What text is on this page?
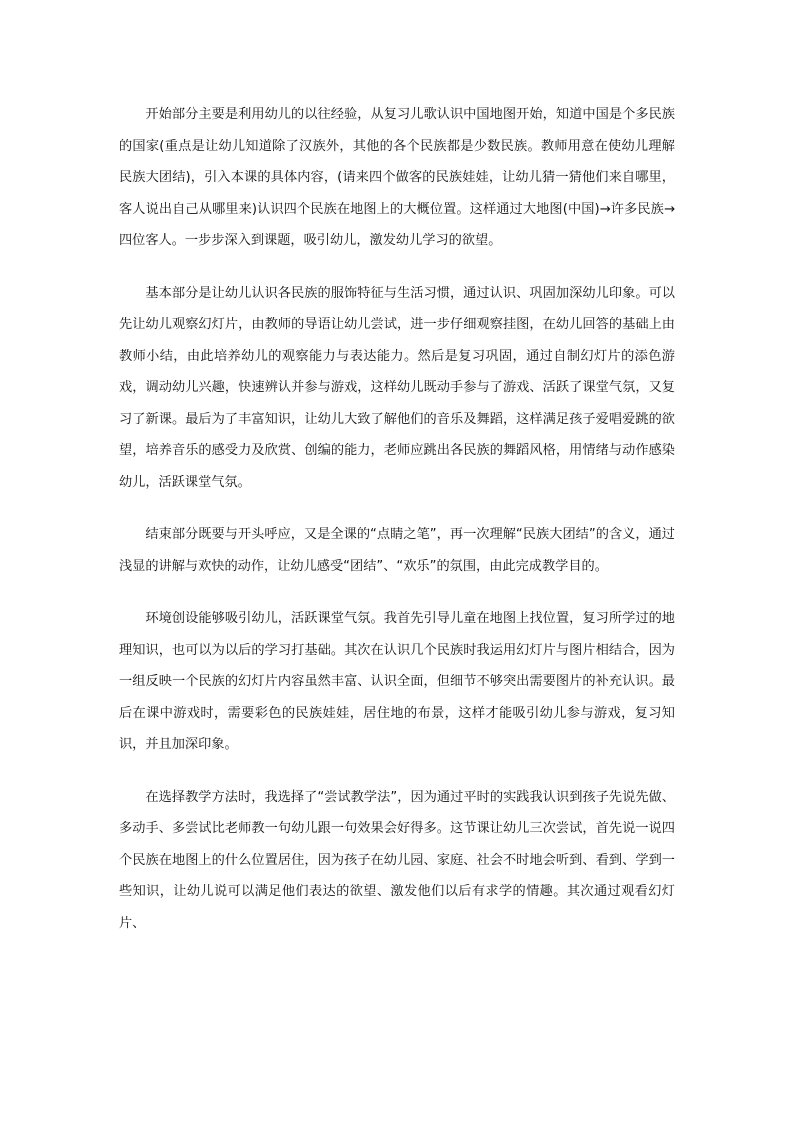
开始部分主要是利用幼儿的以往经验，从复习儿歌认识中国地图开始，知道中国是个多民族的国家(重点是让幼儿知道除了汉族外，其他的各个民族都是少数民族。教师用意在使幼儿理解民族大团结)，引入本课的具体内容，(请来四个做客的民族娃娃，让幼儿猜一猜他们来自哪里，客人说出自己从哪里来)认识四个民族在地图上的大概位置。这样通过大地图(中国)→许多民族→四位客人。一步步深入到课题，吸引幼儿，激发幼儿学习的欲望。

基本部分是让幼儿认识各民族的服饰特征与生活习惯，通过认识、巩固加深幼儿印象。可以先让幼儿观察幻灯片，由教师的导语让幼儿尝试，进一步仔细观察挂图，在幼儿回答的基础上由教师小结，由此培养幼儿的观察能力与表达能力。然后是复习巩固，通过自制幻灯片的添色游戏，调动幼儿兴趣，快速辨认并参与游戏，这样幼儿既动手参与了游戏、活跃了课堂气氛，又复习了新课。最后为了丰富知识，让幼儿大致了解他们的音乐及舞蹈，这样满足孩子爱唱爱跳的欲望，培养音乐的感受力及欣赏、创编的能力，老师应跳出各民族的舞蹈风格，用情绪与动作感染幼儿，活跃课堂气氛。

结束部分既要与开头呼应，又是全课的“点睛之笔”，再一次理解“民族大团结”的含义，通过浅显的讲解与欢快的动作，让幼儿感受“团结”、“欢乐”的氛围，由此完成教学目的。

环境创设能够吸引幼儿，活跃课堂气氛。我首先引导儿童在地图上找位置，复习所学过的地理知识，也可以为以后的学习打基础。其次在认识几个民族时我运用幻灯片与图片相结合，因为一组反映一个民族的幻灯片内容虽然丰富、认识全面，但细节不够突出需要图片的补充认识。最后在课中游戏时，需要彩色的民族娃娃，居住地的布景，这样才能吸引幼儿参与游戏，复习知识，并且加深印象。

在选择教学方法时，我选择了“尝试教学法”，因为通过平时的实践我认识到孩子先说先做、多动手、多尝试比老师教一句幼儿跟一句效果会好得多。这节课让幼儿三次尝试，首先说一说四个民族在地图上的什么位置居住，因为孩子在幼儿园、家庭、社会不时地会听到、看到、学到一些知识，让幼儿说可以满足他们表达的欲望、激发他们以后有求学的情趣。其次通过观看幻灯片、
